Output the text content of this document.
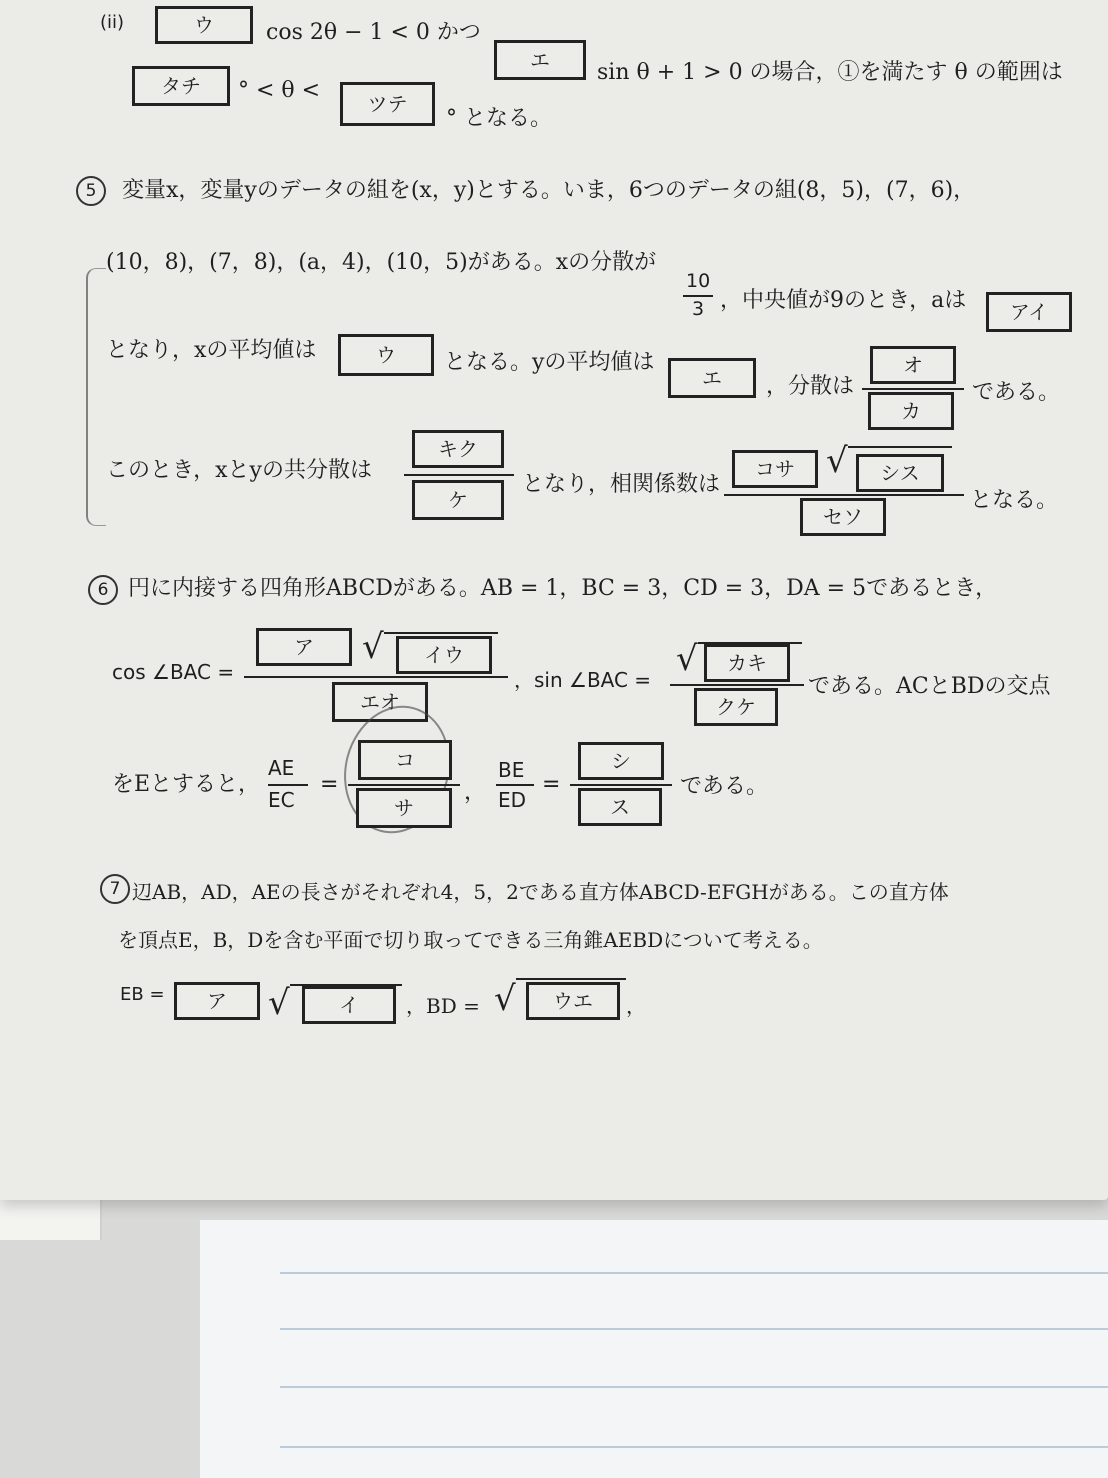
(ii)	ウ	cos 2θ − 1 < 0 かつ
エ	sin θ + 1 > 0 の場合，①を満たす θ の範囲は
タチ	° < θ <
ツテ
° となる。
5	変量x，変量yのデータの組を(x，y)とする。いま，6つのデータの組(8，5)，(7，6)，
(10，8)，(7，8)，(a，4)，(10，5)がある。xの分散が
10
3 ，中央値が9のとき，aは	アイ
となり，xの平均値は	ウ	となる。yの平均値は
エ	，分散は
オ
カ
である。
このとき，xとyの共分散は
キク
ケ
となり，相関係数は
コサ √	シス
セソ
となる。
6 円に内接する四角形ABCDがある。AB = 1，BC = 3，CD = 3，DA = 5であるとき，
cos ∠BAC =
ア	√	イウ
エオ
，sin ∠BAC =
√	カキ
クケ
である。ACとBDの交点
をEとすると，
AE
EC
=
コ
サ
，
BE
ED
=
シ
ス
である。
7 辺AB，AD，AEの長さがそれぞれ4，5，2である直方体ABCD-EFGHがある。この直方体
を頂点E，B，Dを含む平面で切り取ってできる三角錐AEBDについて考える。
EB =	ア	√	イ	，BD = √	ウエ	，
